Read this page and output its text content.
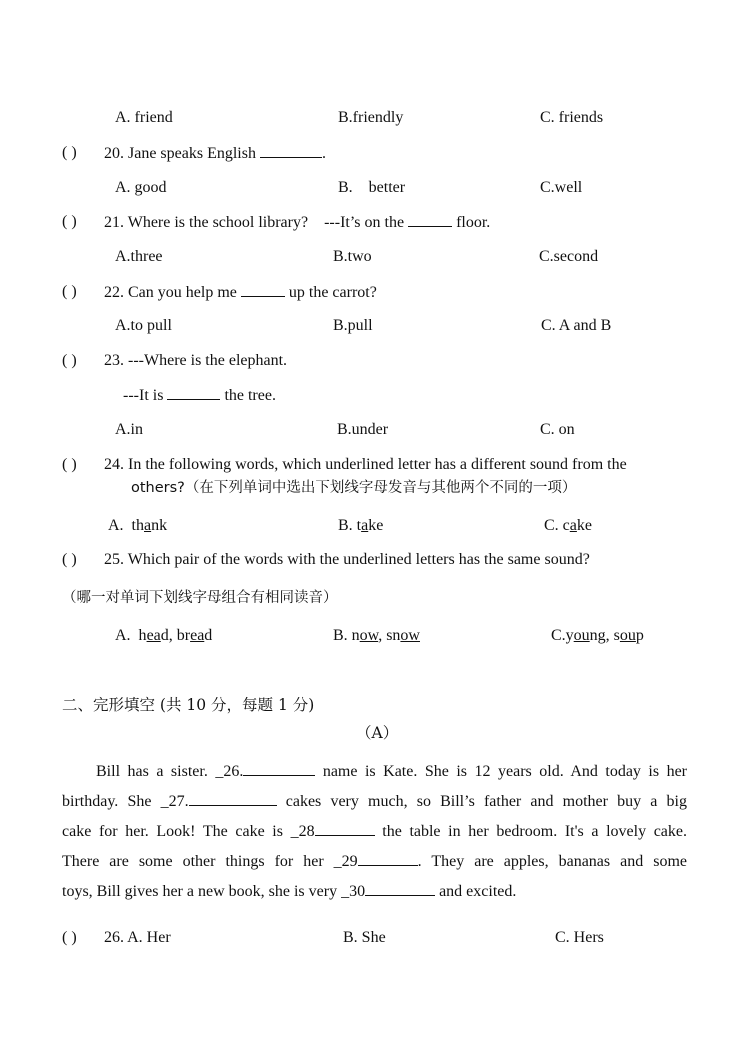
A. friend	B.friendly	C. friends
( ) 20. Jane speaks English	.
A. good	B.    better	C.well
( ) 21. Where is the school library?    ---It’s on the	floor.
A.three	B.two	C.second
( ) 22. Can you help me	up the carrot?
A.to pull	B.pull	C. A and B
( ) 23. ---Where is the elephant.
---It is	the tree.
A.in	B.under	C. on
( ) 24. In the following words, which underlined letter has a different sound from the
others?（在下列单词中选出下划线字母发音与其他两个不同的一项）
A.  thank	B. take	C. cake
( ) 25. Which pair of the words with the underlined letters has the same sound?
（哪一对单词下划线字母组合有相同读音）
A.  head, bread	B. now, snow	C.young, soup
二、完形填空 (共 10 分，每题 1 分)
（A）
Bill has a sister. _26.	name is Kate. She is 12 years old. And today is her
birthday. She _27.	cakes very much, so Bill’s father and mother buy a big
cake for her. Look! The cake is _28	the table in her bedroom. It's a lovely cake.
There are some other things for her _29	. They are apples, bananas and some
toys, Bill gives her a new book, she is very _30	and excited.
( ) 26. A. Her	B. She	C. Hers
